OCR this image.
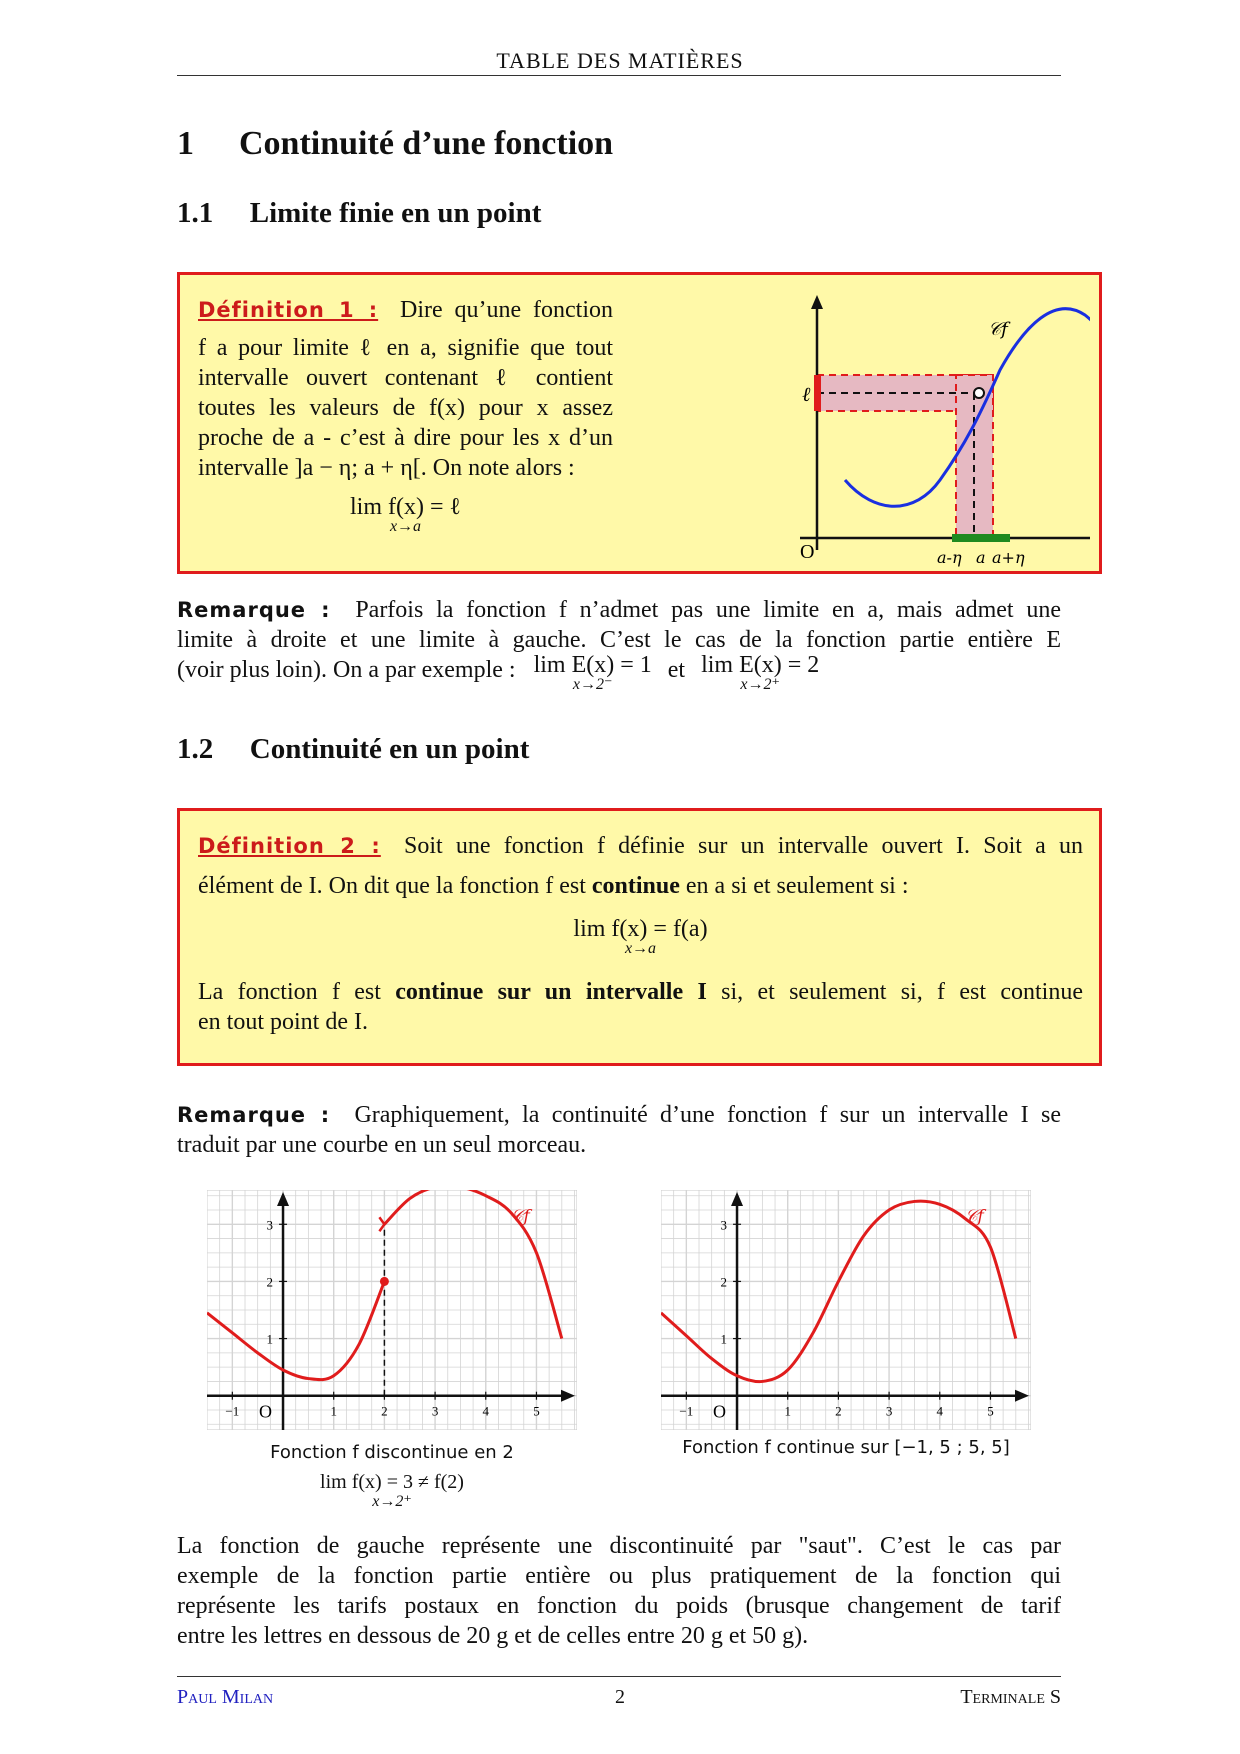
TABLE DES MATIÈRES
1 Continuité d’une fonction
1.1 Limite finie en un point
Définition 1 : Dire qu’une fonction
f a pour limite ℓ en a, signifie que tout
intervalle ouvert contenant ℓ contient
toutes les valeurs de f(x) pour x assez
proche de a - c’est à dire pour les x d’un
intervalle ]a − η; a + η[. On note alors :
lim f(x) = ℓ
x→a
ℓ
O
𝒞f
a-η a a+η
Remarque : Parfois la fonction f n’admet pas une limite en a, mais admet une
limite à droite et une limite à gauche. C’est le cas de la fonction partie entière E
(voir plus loin). On a par exemple : lim E(x) = 1
x→2⁻
et lim E(x) = 2
x→2⁺
1.2 Continuité en un point
Définition 2 : Soit une fonction f définie sur un intervalle ouvert I. Soit a un
élément de I. On dit que la fonction f est continue en a si et seulement si :
lim f(x) = f(a)
x→a
La fonction f est continue sur un intervalle I si, et seulement si, f est continue
en tout point de I.
Remarque : Graphiquement, la continuité d’une fonction f sur un intervalle I se
traduit par une courbe en un seul morceau.
−1	1	2	3	4	5
1
2
3
O
𝒞f
−1	1	2	3	4	5
1
2
3
O
𝒞f
Fonction f discontinue en 2
lim f(x) = 3 ≠ f(2)
x→2⁺
Fonction f continue sur [−1, 5 ; 5, 5]
La fonction de gauche représente une discontinuité par "saut". C’est le cas par
exemple de la fonction partie entière ou plus pratiquement de la fonction qui
représente les tarifs postaux en fonction du poids (brusque changement de tarif
entre les lettres en dessous de 20 g et de celles entre 20 g et 50 g).
Paul Milan	2	Terminale S
